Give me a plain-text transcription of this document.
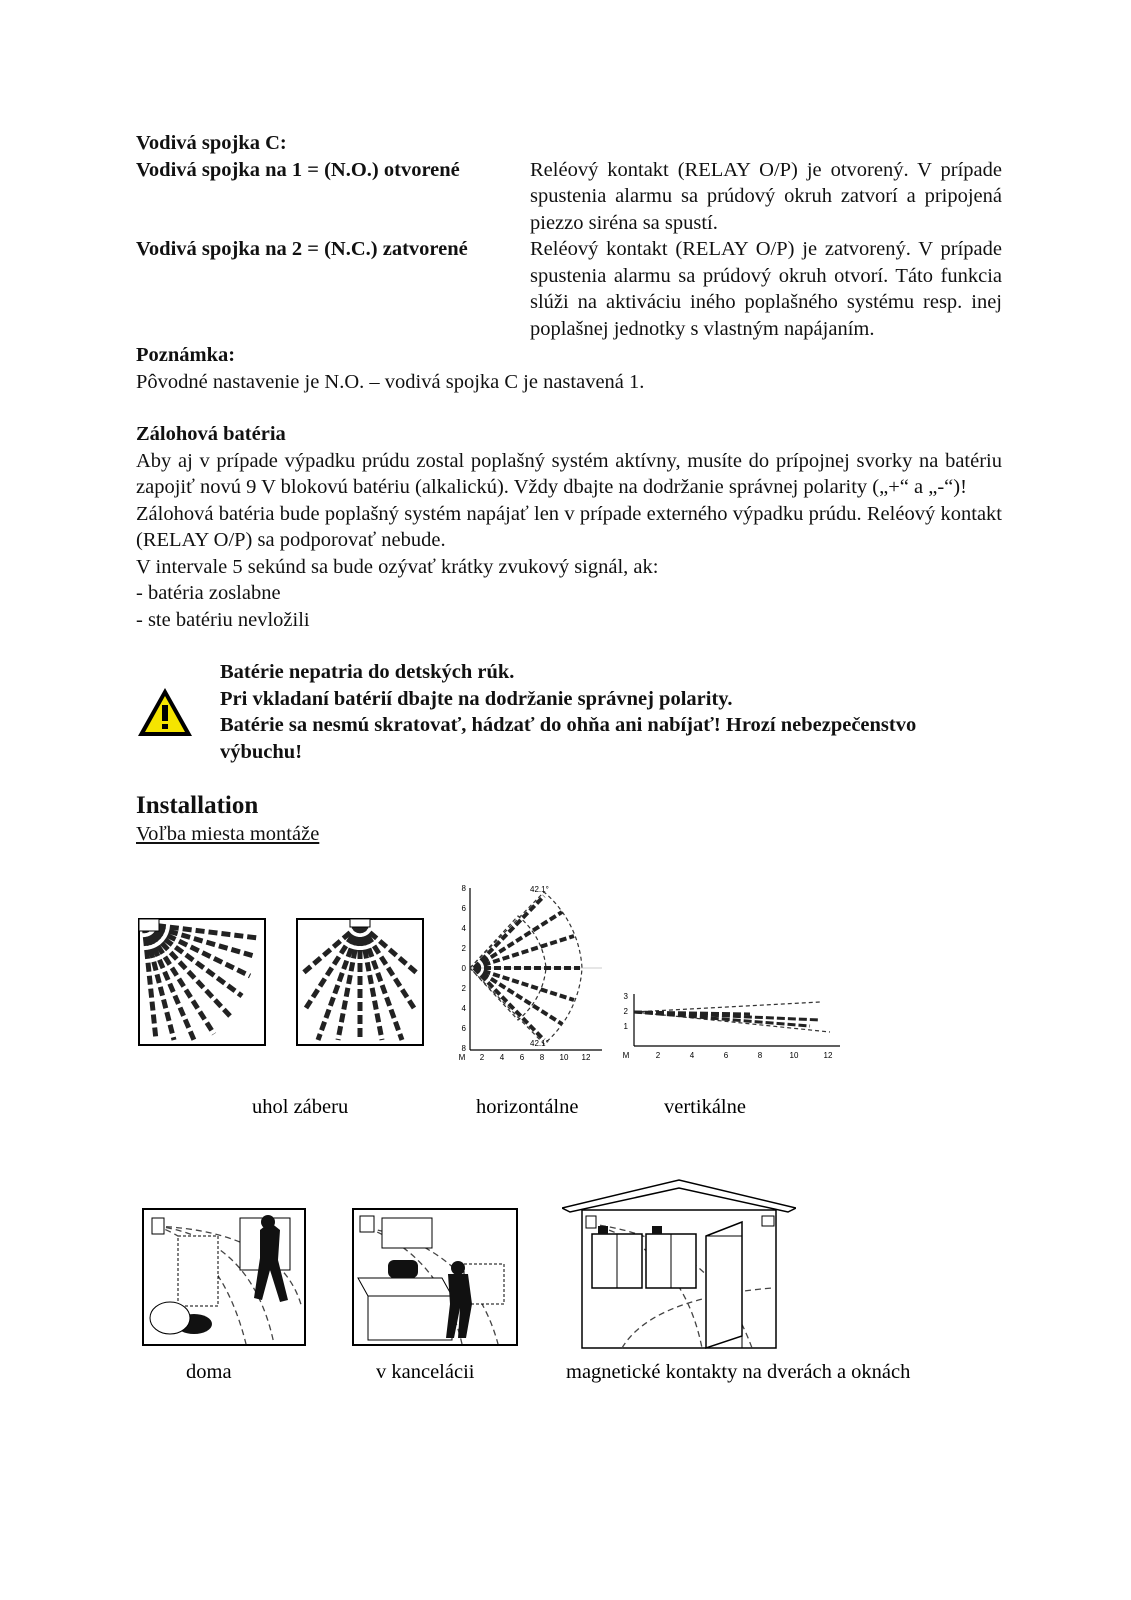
Vodivá spojka C:

Vodivá spojka na 1 = (N.O.) otvorené	Reléový kontakt (RELAY O/P) je otvorený. V prípade spustenia alarmu sa prúdový okruh zatvorí a pripojená piezzo siréna sa spustí.
Vodivá spojka na 2 = (N.C.) zatvorené	Reléový kontakt (RELAY O/P) je zatvorený. V prípade spustenia alarmu sa prúdový okruh otvorí. Táto funkcia slúži na aktiváciu iného poplašného systému resp. inej poplašnej jednotky s vlastným napájaním.

Poznámka:

Pôvodné nastavenie je N.O. – vodivá spojka C je nastavená 1.

Zálohová batéria

Aby aj v prípade výpadku prúdu zostal poplašný systém aktívny, musíte do prípojnej svorky na batériu zapojiť novú 9 V blokovú batériu (alkalickú). Vždy dbajte na dodržanie správnej polarity („+“ a „-“)!

Zálohová batéria bude poplašný systém napájať len v prípade externého výpadku prúdu. Reléový kontakt (RELAY O/P) sa podporovať nebude.

V intervale 5 sekúnd sa bude ozývať krátky zvukový signál, ak:

- batéria zoslabne

- ste batériu nevložili

Batérie nepatria do detských rúk.

Pri vkladaní batérií dbajte na dodržanie správnej polarity.

Batérie sa nesmú skratovať, hádzať do ohňa ani nabíjať! Hrozí nebezpečenstvo výbuchu!

Installation

Voľba miesta montáže

42.1°
42.1°
8
6
4
2
0
2
4
6
8
M 2 4 6 8 10 12
3
2
1
M	2	4	6	8	10	12
uhol záberu	horizontálne	vertikálne
doma	v kancelácii	magnetické kontakty na dverách a oknách
